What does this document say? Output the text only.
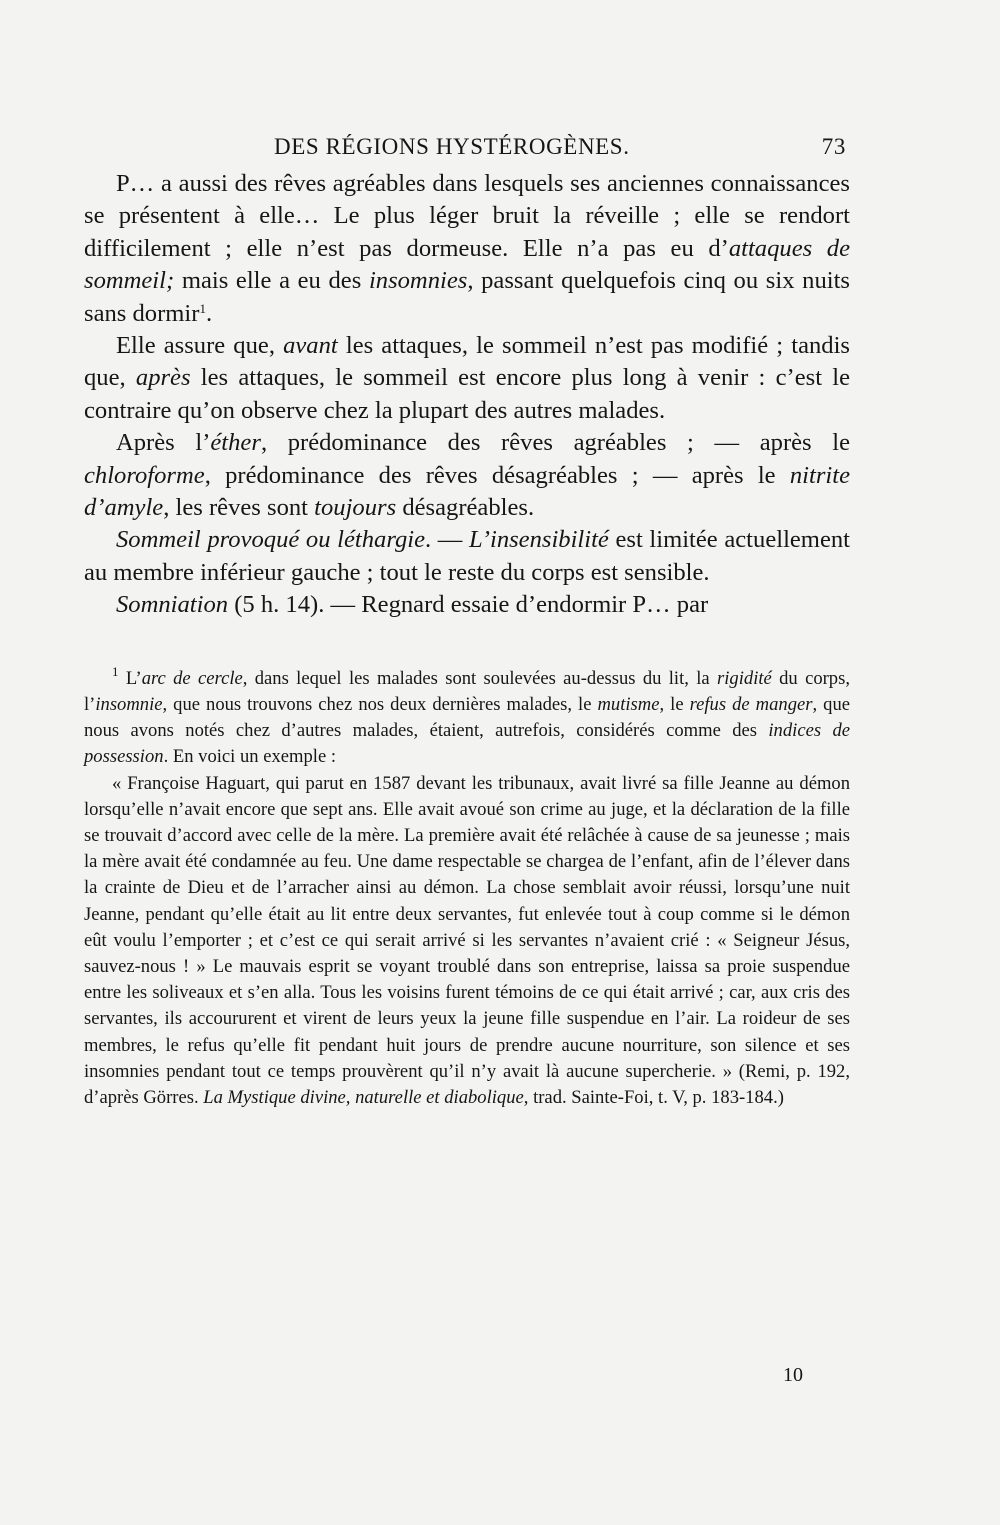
DES RÉGIONS HYSTÉROGÈNES.	73

P… a aussi des rêves agréables dans lesquels ses anciennes connaissances se présentent à elle… Le plus léger bruit la réveille ; elle se rendort difficilement ; elle n’est pas dormeuse. Elle n’a pas eu d’attaques de sommeil; mais elle a eu des insomnies, passant quelquefois cinq ou six nuits sans dormir$^1$.

Elle assure que, avant les attaques, le sommeil n’est pas modifié ; tandis que, après les attaques, le sommeil est encore plus long à venir : c’est le contraire qu’on observe chez la plupart des autres malades.

Après l’éther, prédominance des rêves agréables ; — après le chloroforme, prédominance des rêves désagréables ; — après le nitrite d’amyle, les rêves sont toujours désagréables.

Sommeil provoqué ou léthargie. — L’insensibilité est limitée actuellement au membre inférieur gauche ; tout le reste du corps est sensible.

Somniation (5 h. 14). — Regnard essaie d’endormir P… par

$^1$ L’arc de cercle, dans lequel les malades sont soulevées au-dessus du lit, la rigidité du corps, l’insomnie, que nous trouvons chez nos deux dernières malades, le mutisme, le refus de manger, que nous avons notés chez d’autres malades, étaient, autrefois, considérés comme des indices de possession. En voici un exemple :

« Françoise Haguart, qui parut en 1587 devant les tribunaux, avait livré sa fille Jeanne au démon lorsqu’elle n’avait encore que sept ans. Elle avait avoué son crime au juge, et la déclaration de la fille se trouvait d’accord avec celle de la mère. La première avait été relâchée à cause de sa jeunesse ; mais la mère avait été condamnée au feu. Une dame respectable se chargea de l’enfant, afin de l’élever dans la crainte de Dieu et de l’arracher ainsi au démon. La chose semblait avoir réussi, lorsqu’une nuit Jeanne, pendant qu’elle était au lit entre deux servantes, fut enlevée tout à coup comme si le démon eût voulu l’emporter ; et c’est ce qui serait arrivé si les servantes n’avaient crié : « Seigneur Jésus, sauvez-nous ! » Le mauvais esprit se voyant troublé dans son entreprise, laissa sa proie suspendue entre les soliveaux et s’en alla. Tous les voisins furent témoins de ce qui était arrivé ; car, aux cris des servantes, ils accoururent et virent de leurs yeux la jeune fille suspendue en l’air. La roideur de ses membres, le refus qu’elle fit pendant huit jours de prendre aucune nourriture, son silence et ses insomnies pendant tout ce temps prouvèrent qu’il n’y avait là aucune supercherie. » (Remi, p. 192, d’après Görres. La Mystique divine, naturelle et diabolique, trad. Sainte-Foi, t. V, p. 183-184.)

10
